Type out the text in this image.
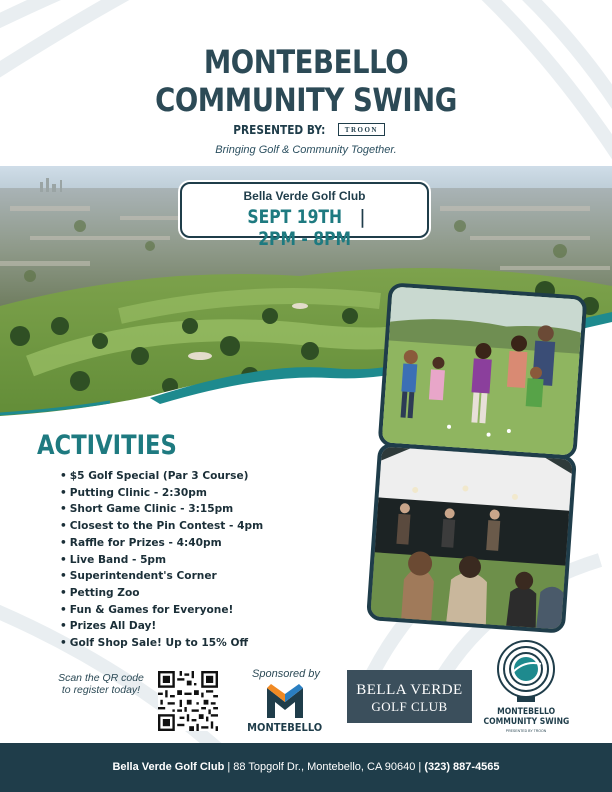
MONTEBELLO
COMMUNITY SWING
PRESENTED BY:	TROON
Bringing Golf & Community Together.
Bella Verde Golf Club
SEPT 19TH |2PM - 8PM
ACTIVITIES
• $5 Golf Special (Par 3 Course)
• Putting Clinic - 2:30pm
• Short Game Clinic - 3:15pm
• Closest to the Pin Contest - 4pm
• Raffle for Prizes - 4:40pm
• Live Band - 5pm
• Superintendent's Corner
• Petting Zoo
• Fun & Games for Everyone!
• Prizes All Day!
• Golf Shop Sale! Up to 15% Off
Scan the QR code
to register today!
Sponsored by
MONTEBELLO
BELLA VERDE
GOLF CLUB	MONTEBELLO
COMMUNITY SWING
PRESENTED BY TROON
Bella Verde Golf Club | 88 Topgolf Dr., Montebello, CA 90640 | (323) 887-4565
